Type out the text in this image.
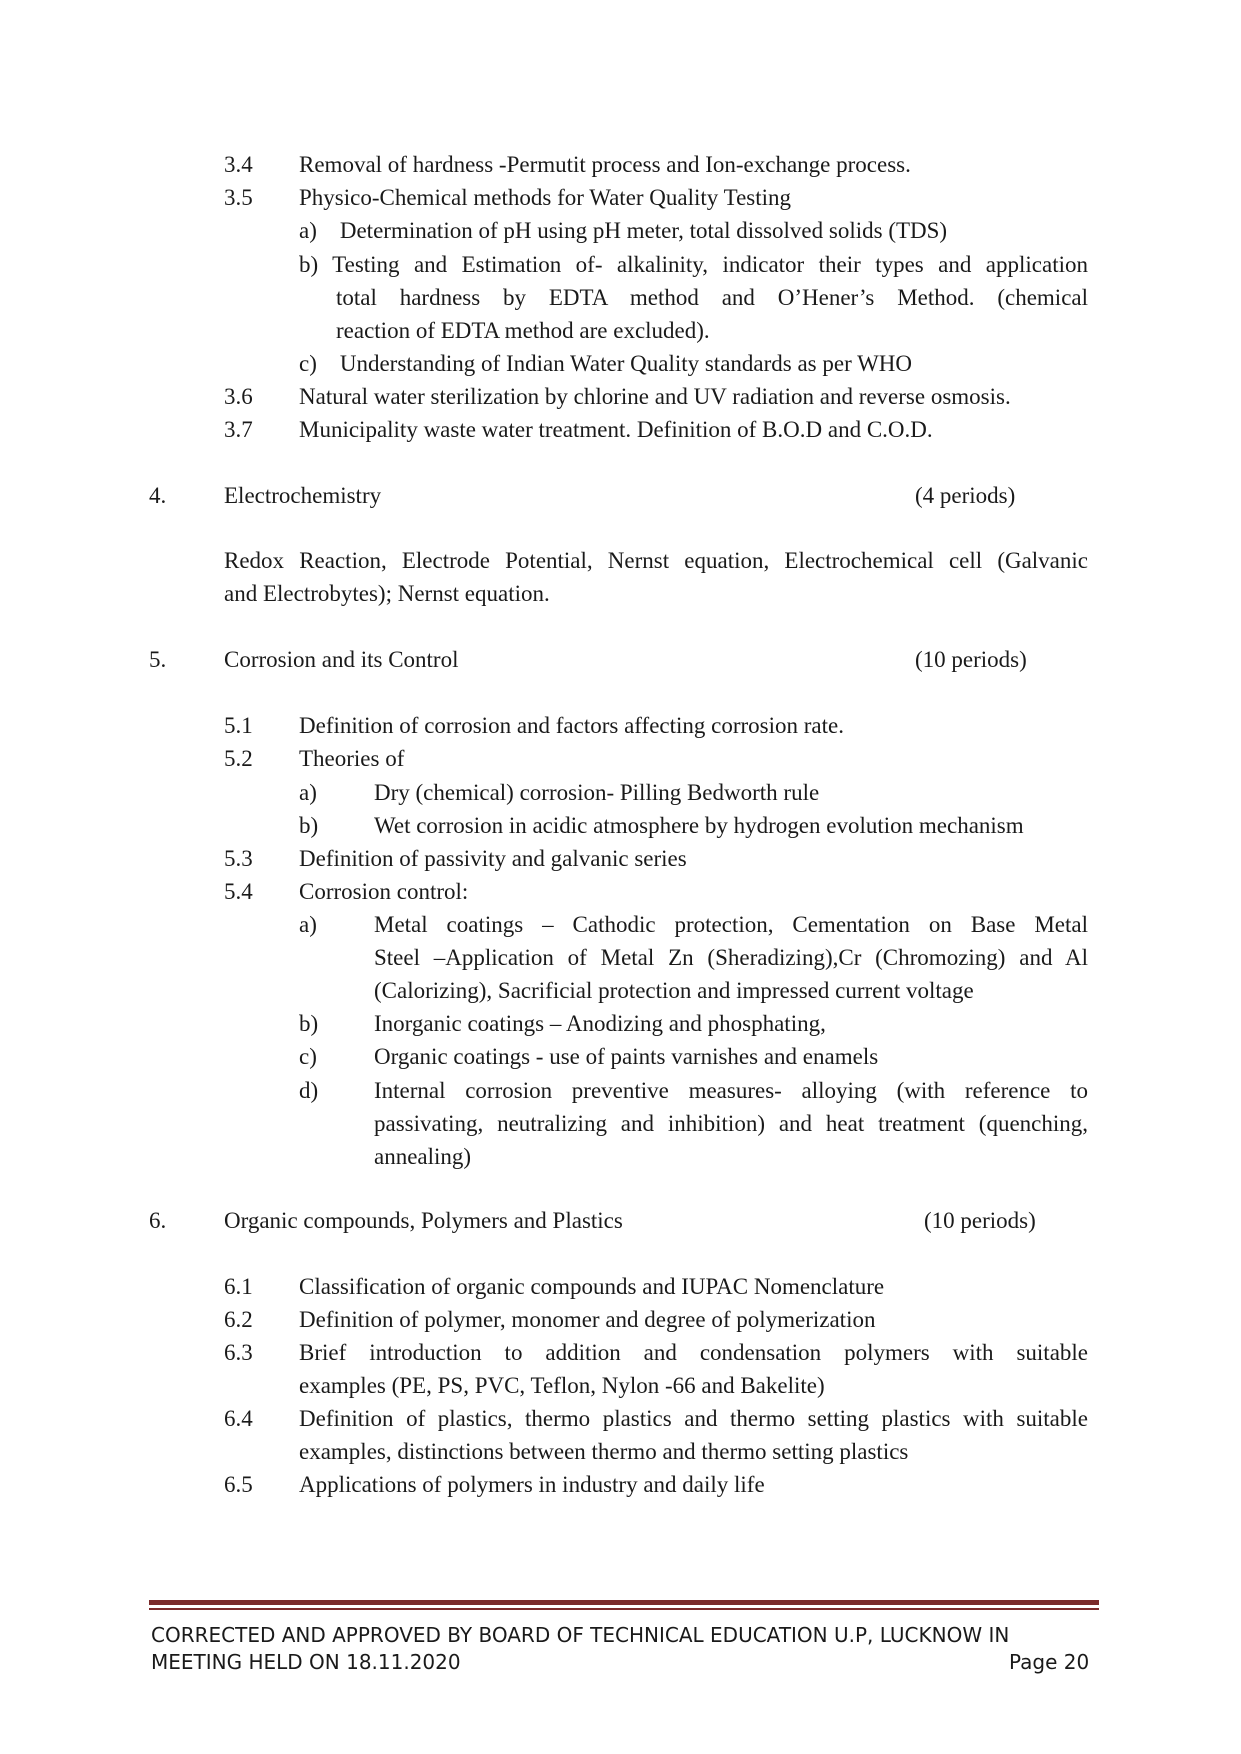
3.4 Removal of hardness -Permutit process and Ion-exchange process.
3.5 Physico-Chemical methods for Water Quality Testing
a)    Determination of pH using pH meter, total dissolved solids (TDS)
b) Testing and Estimation of- alkalinity, indicator their types and application
total hardness by EDTA method and O’Hener’s Method. (chemical
reaction of EDTA method are excluded).
c)    Understanding of Indian Water Quality standards as per WHO
3.6 Natural water sterilization by chlorine and UV radiation and reverse osmosis.
3.7 Municipality waste water treatment. Definition of B.O.D and C.O.D.
4.	Electrochemistry	(4 periods)
Redox Reaction, Electrode Potential, Nernst equation, Electrochemical cell (Galvanic
and Electrobytes); Nernst equation.
5.	Corrosion and its Control	(10 periods)
5.1 Definition of corrosion and factors affecting corrosion rate.
5.2 Theories of
a) Dry (chemical) corrosion- Pilling Bedworth rule
b) Wet corrosion in acidic atmosphere by hydrogen evolution mechanism
5.3 Definition of passivity and galvanic series
5.4 Corrosion control:
a) Metal coatings – Cathodic protection, Cementation on Base Metal
Steel –Application of Metal Zn (Sheradizing),Cr (Chromozing) and Al
(Calorizing), Sacrificial protection and impressed current voltage
b) Inorganic coatings – Anodizing and phosphating,
c) Organic coatings - use of paints varnishes and enamels
d) Internal corrosion preventive measures- alloying (with reference to
passivating, neutralizing and inhibition) and heat treatment (quenching,
annealing)
6.	Organic compounds, Polymers and Plastics	(10 periods)
6.1 Classification of organic compounds and IUPAC Nomenclature
6.2 Definition of polymer, monomer and degree of polymerization
6.3 Brief introduction to addition and condensation polymers with suitable
examples (PE, PS, PVC, Teflon, Nylon -66 and Bakelite)
6.4 Definition of plastics, thermo plastics and thermo setting plastics with suitable
examples, distinctions between thermo and thermo setting plastics
6.5 Applications of polymers in industry and daily life
CORRECTED AND APPROVED BY BOARD OF TECHNICAL EDUCATION U.P, LUCKNOW IN
MEETING HELD ON 18.11.2020	Page 20
